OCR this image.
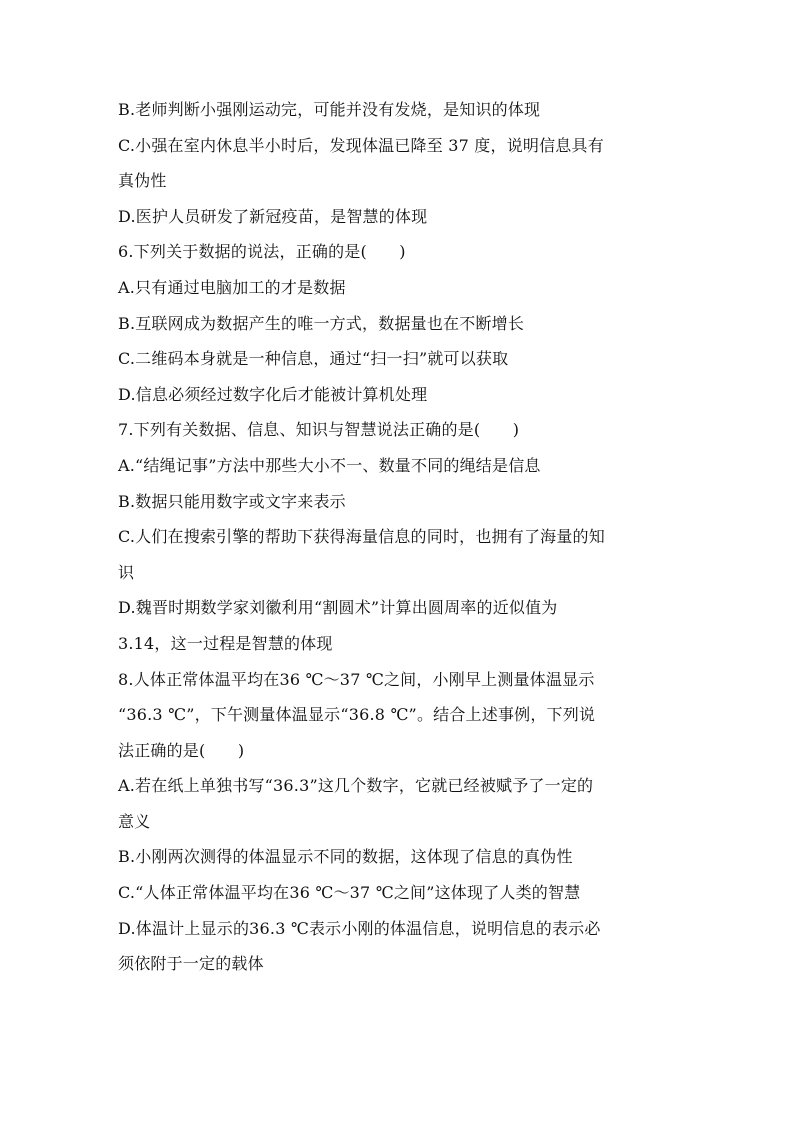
B.老师判断小强刚运动完，可能并没有发烧，是知识的体现
C.小强在室内休息半小时后，发现体温已降至 37 度，说明信息具有
真伪性
D.医护人员研发了新冠疫苗，是智慧的体现
6.下列关于数据的说法，正确的是(　　)
A.只有通过电脑加工的才是数据
B.互联网成为数据产生的唯一方式，数据量也在不断增长
C.二维码本身就是一种信息，通过“扫一扫”就可以获取
D.信息必须经过数字化后才能被计算机处理
7.下列有关数据、信息、知识与智慧说法正确的是(　　)
A.“结绳记事”方法中那些大小不一、数量不同的绳结是信息
B.数据只能用数字或文字来表示
C.人们在搜索引擎的帮助下获得海量信息的同时，也拥有了海量的知
识
D.魏晋时期数学家刘徽利用“割圆术”计算出圆周率的近似值为
3.14，这一过程是智慧的体现
8.人体正常体温平均在36 ℃～37 ℃之间，小刚早上测量体温显示
“36.3 ℃”，下午测量体温显示“36.8 ℃”。结合上述事例，下列说
法正确的是(　　)
A.若在纸上单独书写“36.3”这几个数字，它就已经被赋予了一定的
意义
B.小刚两次测得的体温显示不同的数据，这体现了信息的真伪性
C.“人体正常体温平均在36 ℃～37 ℃之间”这体现了人类的智慧
D.体温计上显示的36.3 ℃表示小刚的体温信息，说明信息的表示必
须依附于一定的载体
